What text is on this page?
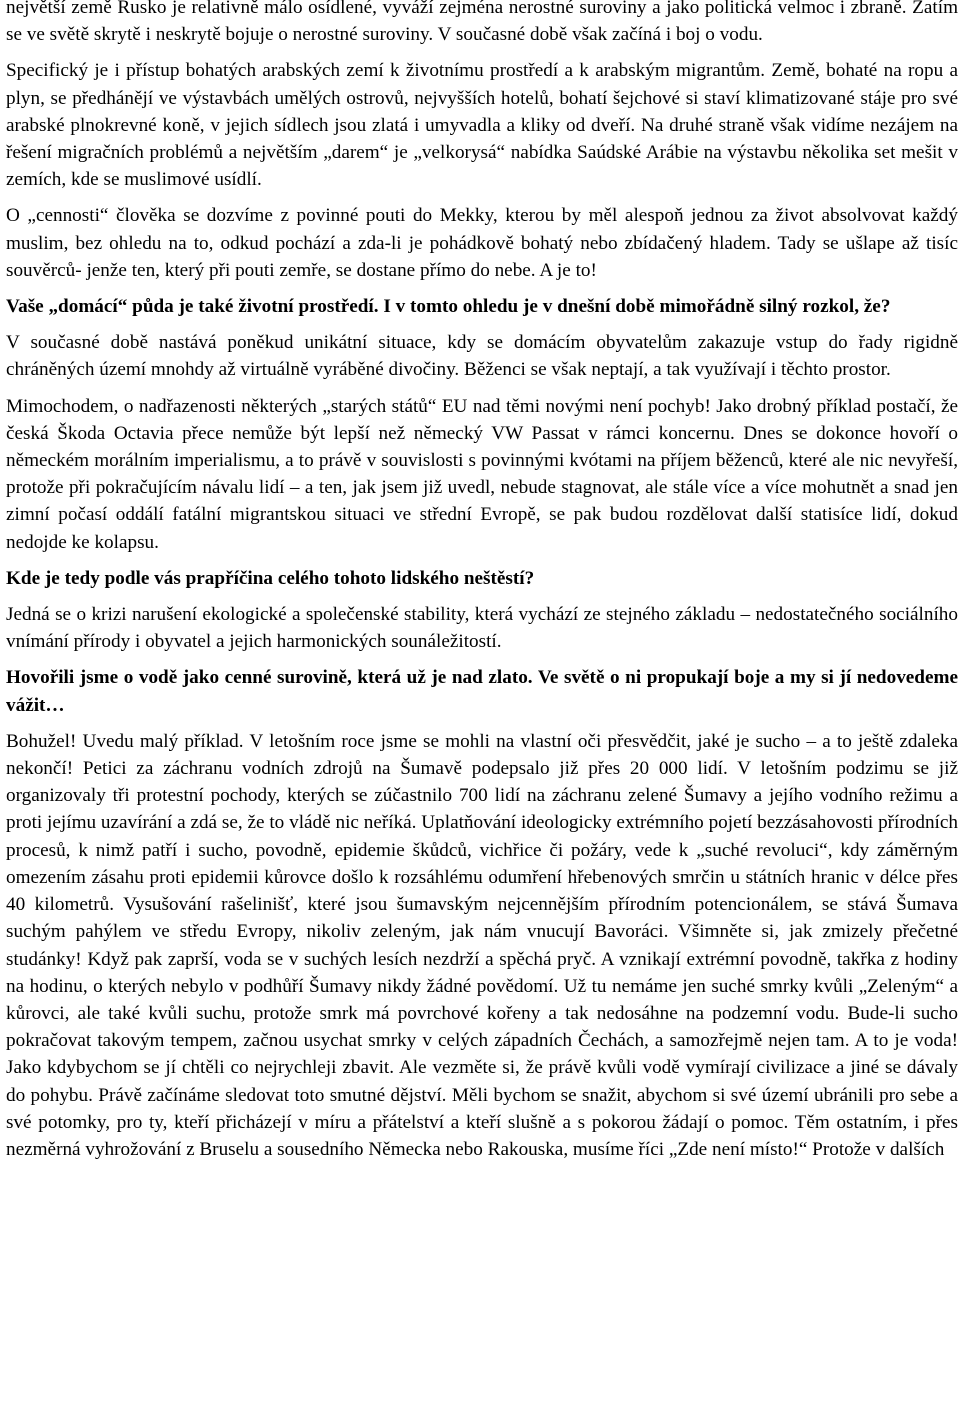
největší země Rusko je relativně málo osídlené, vyváží zejména nerostné suroviny a jako politická velmoc i zbraně. Zatím se ve světě skrytě i neskrytě bojuje o nerostné suroviny. V současné době však začíná i boj o vodu.

Specifický je i přístup bohatých arabských zemí k životnímu prostředí a k arabským migrantům. Země, bohaté na ropu a plyn, se předhánějí ve výstavbách umělých ostrovů, nejvyšších hotelů, bohatí šejchové si staví klimatizované stáje pro své arabské plnokrevné koně, v jejich sídlech jsou zlatá i umyvadla a kliky od dveří. Na druhé straně však vidíme nezájem na řešení migračních problémů a největším „darem“ je „velkorysá“ nabídka Saúdské Arábie na výstavbu několika set mešit v zemích, kde se muslimové usídlí.

O „cennosti“ člověka se dozvíme z povinné pouti do Mekky, kterou by měl alespoň jednou za život absolvovat každý muslim, bez ohledu na to, odkud pochází a zda-li je pohádkově bohatý nebo zbídačený hladem. Tady se ušlape až tisíc souvěrců- jenže ten, který při pouti zemře, se dostane přímo do nebe. A je to!

Vaše „domácí“ půda je také životní prostředí. I v tomto ohledu je v dnešní době mimořádně silný rozkol, že?

V současné době nastává poněkud unikátní situace, kdy se domácím obyvatelům zakazuje vstup do řady rigidně chráněných území mnohdy až virtuálně vyráběné divočiny. Běženci se však neptají, a tak využívají i těchto prostor.

Mimochodem, o nadřazenosti některých „starých států“ EU nad těmi novými není pochyb! Jako drobný příklad postačí, že česká Škoda Octavia přece nemůže být lepší než německý VW Passat v rámci koncernu. Dnes se dokonce hovoří o německém morálním imperialismu, a to právě v souvislosti s povinnými kvótami na příjem běženců, které ale nic nevyřeší, protože při pokračujícím návalu lidí – a ten, jak jsem již uvedl, nebude stagnovat, ale stále více a více mohutnět a snad jen zimní počasí oddálí fatální migrantskou situaci ve střední Evropě, se pak budou rozdělovat další statisíce lidí, dokud nedojde ke kolapsu.

Kde je tedy podle vás prapříčina celého tohoto lidského neštěstí?

Jedná se o krizi narušení ekologické a společenské stability, která vychází ze stejného základu – nedostatečného sociálního vnímání přírody i obyvatel a jejich harmonických sounáležitostí.

Hovořili jsme o vodě jako cenné surovině, která už je nad zlato. Ve světě o ni propukají boje a my si jí nedovedeme vážit…

Bohužel! Uvedu malý příklad. V letošním roce jsme se mohli na vlastní oči přesvědčit, jaké je sucho – a to ještě zdaleka nekončí! Petici za záchranu vodních zdrojů na Šumavě podepsalo již přes 20 000 lidí. V letošním podzimu se již organizovaly tři protestní pochody, kterých se zúčastnilo 700 lidí na záchranu zelené Šumavy a jejího vodního režimu a proti jejímu uzavírání a zdá se, že to vládě nic neříká. Uplatňování ideologicky extrémního pojetí bezzásahovosti přírodních procesů, k nimž patří i sucho, povodně, epidemie škůdců, vichřice či požáry, vede k „suché revoluci“, kdy záměrným omezením zásahu proti epidemii kůrovce došlo k rozsáhlému odumření hřebenových smrčin u státních hranic v délce přes 40 kilometrů. Vysušování rašelinišť, které jsou šumavským nejcennějším přírodním potencionálem, se stává Šumava suchým pahýlem ve středu Evropy, nikoliv zeleným, jak nám vnucují Bavoráci. Všimněte si, jak zmizely přečetné studánky! Když pak zaprší, voda se v suchých lesích nezdrží a spěchá pryč. A vznikají extrémní povodně, takřka z hodiny na hodinu, o kterých nebylo v podhůří Šumavy nikdy žádné povědomí. Už tu nemáme jen suché smrky kvůli „Zeleným“ a kůrovci, ale také kvůli suchu, protože smrk má povrchové kořeny a tak nedosáhne na podzemní vodu. Bude-li sucho pokračovat takovým tempem, začnou usychat smrky v celých západních Čechách, a samozřejmě nejen tam. A to je voda! Jako kdybychom se jí chtěli co nejrychleji zbavit. Ale vezměte si, že právě kvůli vodě vymírají civilizace a jiné se dávaly do pohybu. Právě začínáme sledovat toto smutné dějství. Měli bychom se snažit, abychom si své území ubránili pro sebe a své potomky, pro ty, kteří přicházejí v míru a přátelství a kteří slušně a s pokorou žádají o pomoc. Těm ostatním, i přes nezměrná vyhrožování z Bruselu a sousedního Německa nebo Rakouska, musíme říci „Zde není místo!“ Protože v dalších
